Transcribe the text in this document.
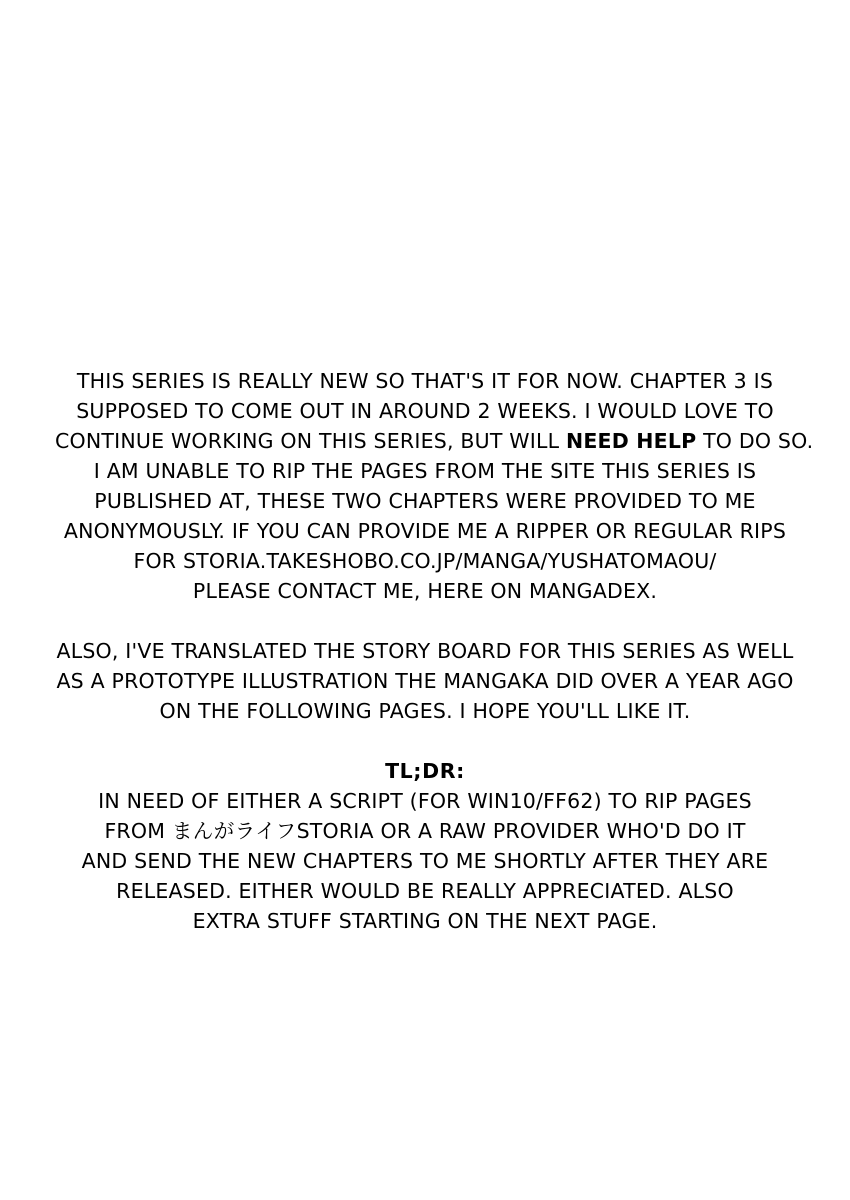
THIS SERIES IS REALLY NEW SO THAT'S IT FOR NOW. CHAPTER 3 IS
SUPPOSED TO COME OUT IN AROUND 2 WEEKS. I WOULD LOVE TO
CONTINUE WORKING ON THIS SERIES, BUT WILL NEED HELP TO DO SO.
I AM UNABLE TO RIP THE PAGES FROM THE SITE THIS SERIES IS
PUBLISHED AT, THESE TWO CHAPTERS WERE PROVIDED TO ME
ANONYMOUSLY. IF YOU CAN PROVIDE ME A RIPPER OR REGULAR RIPS
FOR STORIA.TAKESHOBO.CO.JP/MANGA/YUSHATOMAOU/
PLEASE CONTACT ME, HERE ON MANGADEX.

ALSO, I'VE TRANSLATED THE STORY BOARD FOR THIS SERIES AS WELL
AS A PROTOTYPE ILLUSTRATION THE MANGAKA DID OVER A YEAR AGO
ON THE FOLLOWING PAGES. I HOPE YOU'LL LIKE IT.

TL;DR:

IN NEED OF EITHER A SCRIPT (FOR WIN10/FF62) TO RIP PAGES
FROM まんがライフSTORIA OR A RAW PROVIDER WHO'D DO IT
AND SEND THE NEW CHAPTERS TO ME SHORTLY AFTER THEY ARE
RELEASED. EITHER WOULD BE REALLY APPRECIATED. ALSO
EXTRA STUFF STARTING ON THE NEXT PAGE.
